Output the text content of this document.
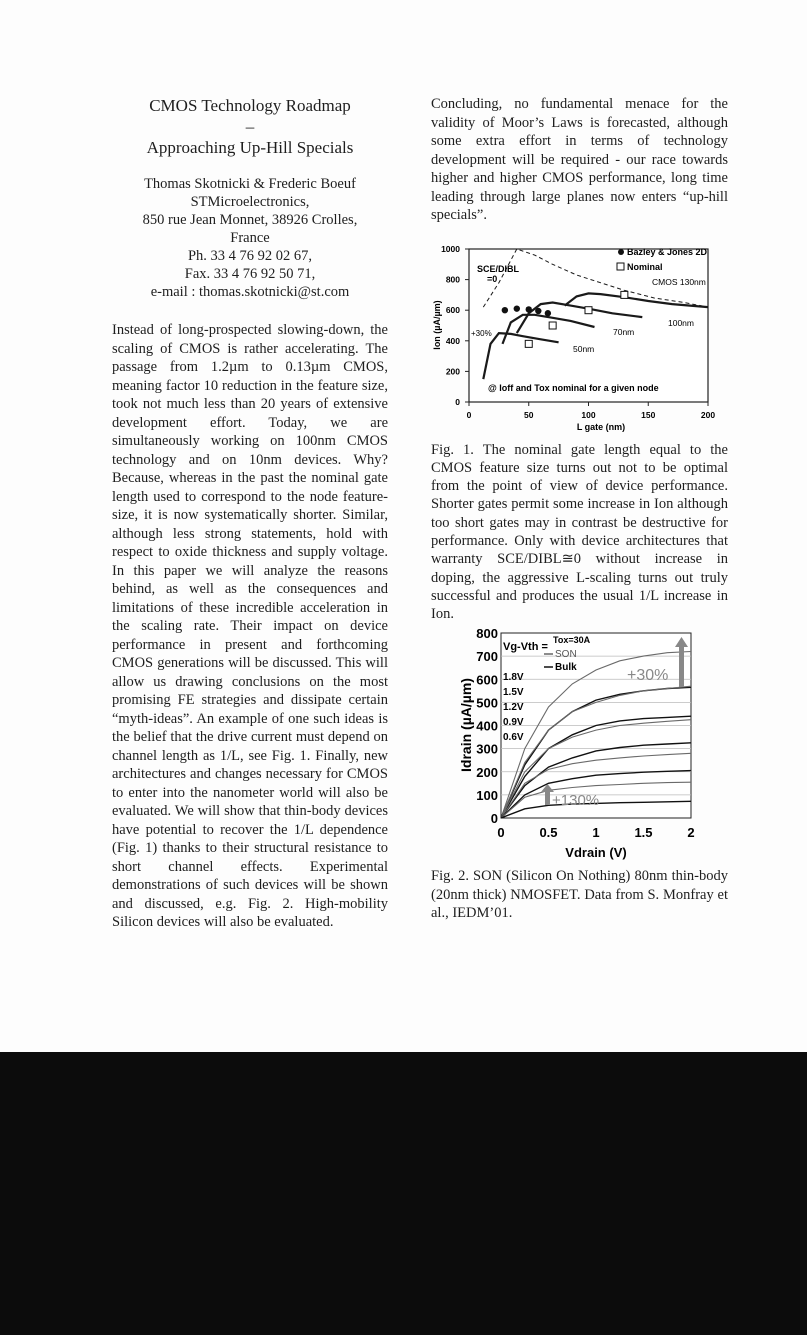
CMOS Technology Roadmap

–

Approaching Up-Hill Specials

Thomas Skotnicki & Frederic Boeuf
STMicroelectronics,
850 rue Jean Monnet, 38926 Crolles,
France
Ph. 33 4 76 92 02 67,
Fax. 33 4 76 92 50 71,
e-mail : thomas.skotnicki@st.com
Instead of long-prospected slowing-down, the scaling of CMOS is rather accelerating. The passage from 1.2µm to 0.13µm CMOS, meaning factor 10 reduction in the feature size, took not much less than 20 years of extensive development effort. Today, we are simultaneously working on 100nm CMOS technology and on 10nm devices. Why? Because, whereas in the past the nominal gate length used to correspond to the node feature-size, it is now systematically shorter. Similar, although less strong statements, hold with respect to oxide thickness and supply voltage. In this paper we will analyze the reasons behind, as well as the consequences and limitations of these incredible acceleration in the scaling rate. Their impact on device performance in present and forthcoming CMOS generations will be discussed. This will allow us drawing conclusions on the most promising FE strategies and dissipate certain “myth-ideas”. An example of one such ideas is the belief that the drive current must depend on channel length as 1/L, see Fig. 1. Finally, new architectures and changes necessary for CMOS to enter into the nanometer world will also be evaluated. We will show that thin-body devices have potential to recover the 1/L dependence (Fig. 1) thanks to their structural resistance to short channel effects. Experimental demonstrations of such devices will be shown and discussed, e.g. Fig. 2. High-mobility Silicon devices will also be evaluated.
Concluding, no fundamental menace for the validity of Moor’s Laws is forecasted, although some extra effort in terms of technology development will be required - our race towards higher and higher CMOS performance, long time leading through large planes now enters “up-hill specials”.
0	50	100	150	200
0
200
400
600
800
1000
L gate (nm)
Ion (µA/µm)
Bazley & Jones 2D
Nominal
SCE/DIBL
=0	CMOS 130nm
100nm
70nm
50nm
+30%
@ Ioff and Tox nominal for a given node
Fig. 1. The nominal gate length equal to the CMOS feature size turns out not to be optimal from the point of view of device performance. Shorter gates permit some increase in Ion although too short gates may in contrast be destructive for performance. Only with device architectures that warranty SCE/DIBL≅0 without increase in doping, the aggressive L-scaling turns out truly successful and produces the usual 1/L increase in Ion.
0	0.5	1	1.5	2
0
100
200
300
400
500
600
700
800
Vdrain (V)
Idrain (µA/µm)
Tox=30A
SON
Bulk
Vg-Vth =
1.8V
1.5V
1.2V
0.9V
0.6V
+30%
+130%
Fig. 2. SON (Silicon On Nothing) 80nm thin-body (20nm thick) NMOSFET. Data from S. Monfray et al., IEDM’01.
